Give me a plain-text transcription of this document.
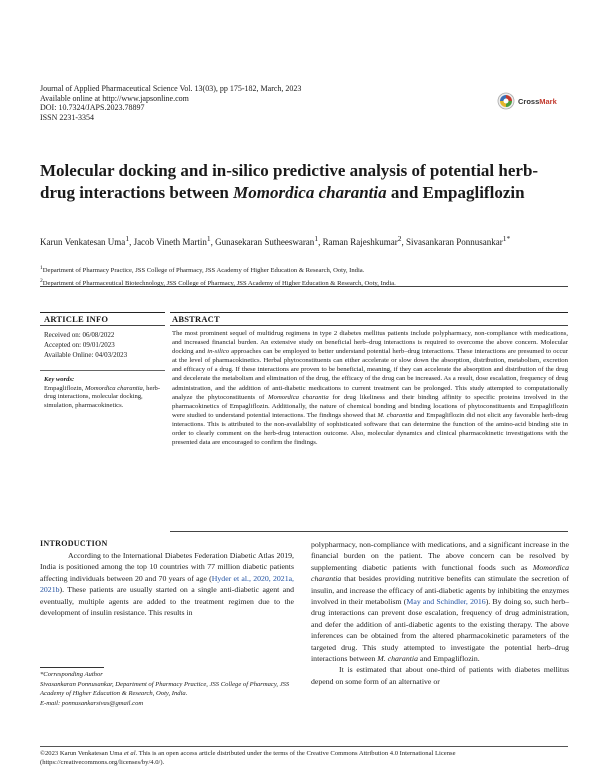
Journal of Applied Pharmaceutical Science Vol. 13(03), pp 175-182, March, 2023
Available online at http://www.japsonline.com
DOI: 10.7324/JAPS.2023.78897
ISSN 2231-3354
CrossMark
Molecular docking and in-silico predictive analysis of potential herb-drug interactions between Momordica charantia and Empagliflozin
Karun Venkatesan Uma$^1$, Jacob Vineth Martin$^1$, Gunasekaran Sutheeswaran$^1$, Raman Rajeshkumar$^2$, Sivasankaran Ponnusankar$^{1*}$
$^1$Department of Pharmacy Practice, JSS College of Pharmacy, JSS Academy of Higher Education & Research, Ooty, India.
$^2$Department of Pharmaceutical Biotechnology, JSS College of Pharmacy, JSS Academy of Higher Education & Research, Ooty, India.
ARTICLE INFO	ABSTRACT
Received on: 06/08/2022
Accepted on: 09/01/2023
Available Online: 04/03/2023
Key words:
Empagliflozin, Momordica charantia, herb-drug interactions, molecular docking, simulation, pharmacokinetics.
The most prominent sequel of multidrug regimens in type 2 diabetes mellitus patients include polypharmacy, non-compliance with medications, and increased financial burden. An extensive study on beneficial herb–drug interactions is required to overcome the above concern. Molecular docking and in-silico approaches can be employed to better understand potential herb–drug interactions. These interactions are presumed to occur at the level of pharmacokinetics. Herbal phytoconstituents can either accelerate or slow down the absorption, distribution, metabolism, excretion and efficacy of a drug. If these interactions are proven to be beneficial, meaning, if they can accelerate the absorption and distribution of the drug and decelerate the metabolism and elimination of the drug, the efficacy of the drug can be increased. As a result, dose escalation, frequency of drug administration, and the addition of anti-diabetic medications to current treatment can be prolonged. This study attempted to computationally analyze the phytoconstituents of Momordica charantia for drug likeliness and their binding affinity to specific proteins involved in the pharmacokinetics of Empagliflozin. Additionally, the nature of chemical bonding and binding locations of phytoconstituents and Empagliflozin were studied to understand potential interactions. The findings showed that M. charantia and Empagliflozin did not elicit any favorable herb-drug interactions. This is attributed to the non-availability of sophisticated software that can determine the function of the amino-acid binding site in order to clearly comment on the herb-drug interaction outcome. Also, molecular dynamics and clinical pharmacokinetic investigations with the presented data are encouraged to confirm the findings.
INTRODUCTION
According to the International Diabetes Federation Diabetic Atlas 2019, India is positioned among the top 10 countries with 77 million diabetic patients affecting individuals between 20 and 70 years of age (Hyder et al., 2020, 2021a, 2021b). These patients are usually started on a single anti-diabetic agent and eventually, multiple agents are added to the treatment regimen due to the development of insulin resistance. This results in
polypharmacy, non-compliance with medications, and a significant increase in the financial burden on the patient. The above concern can be resolved by supplementing diabetic patients with functional foods such as Momordica charantia that besides providing nutritive benefits can stimulate the secretion of insulin, and increase the efficacy of anti-diabetic agents by inhibiting the enzymes involved in their metabolism (May and Schindler, 2016). By doing so, such herb–drug interactions can prevent dose escalation, frequency of drug administration, and defer the addition of anti-diabetic agents to the existing therapy. The above inferences can be obtained from the altered pharmacokinetic parameters of the targeted drug. This study attempted to investigate the potential herb–drug interactions between M. charantia and Empagliflozin.
It is estimated that about one-third of patients with diabetes mellitus depend on some form of an alternative or
*Corresponding Author
Sivasankaran Ponnusankar, Department of Pharmacy Practice, JSS College of Pharmacy, JSS Academy of Higher Education & Research, Ooty, India.
E-mail: ponnusankarsivas@gmail.com
©2023 Karun Venkatesan Uma et al. This is an open access article distributed under the terms of the Creative Commons Attribution 4.0 International License (https://creativecommons.org/licenses/by/4.0/).
